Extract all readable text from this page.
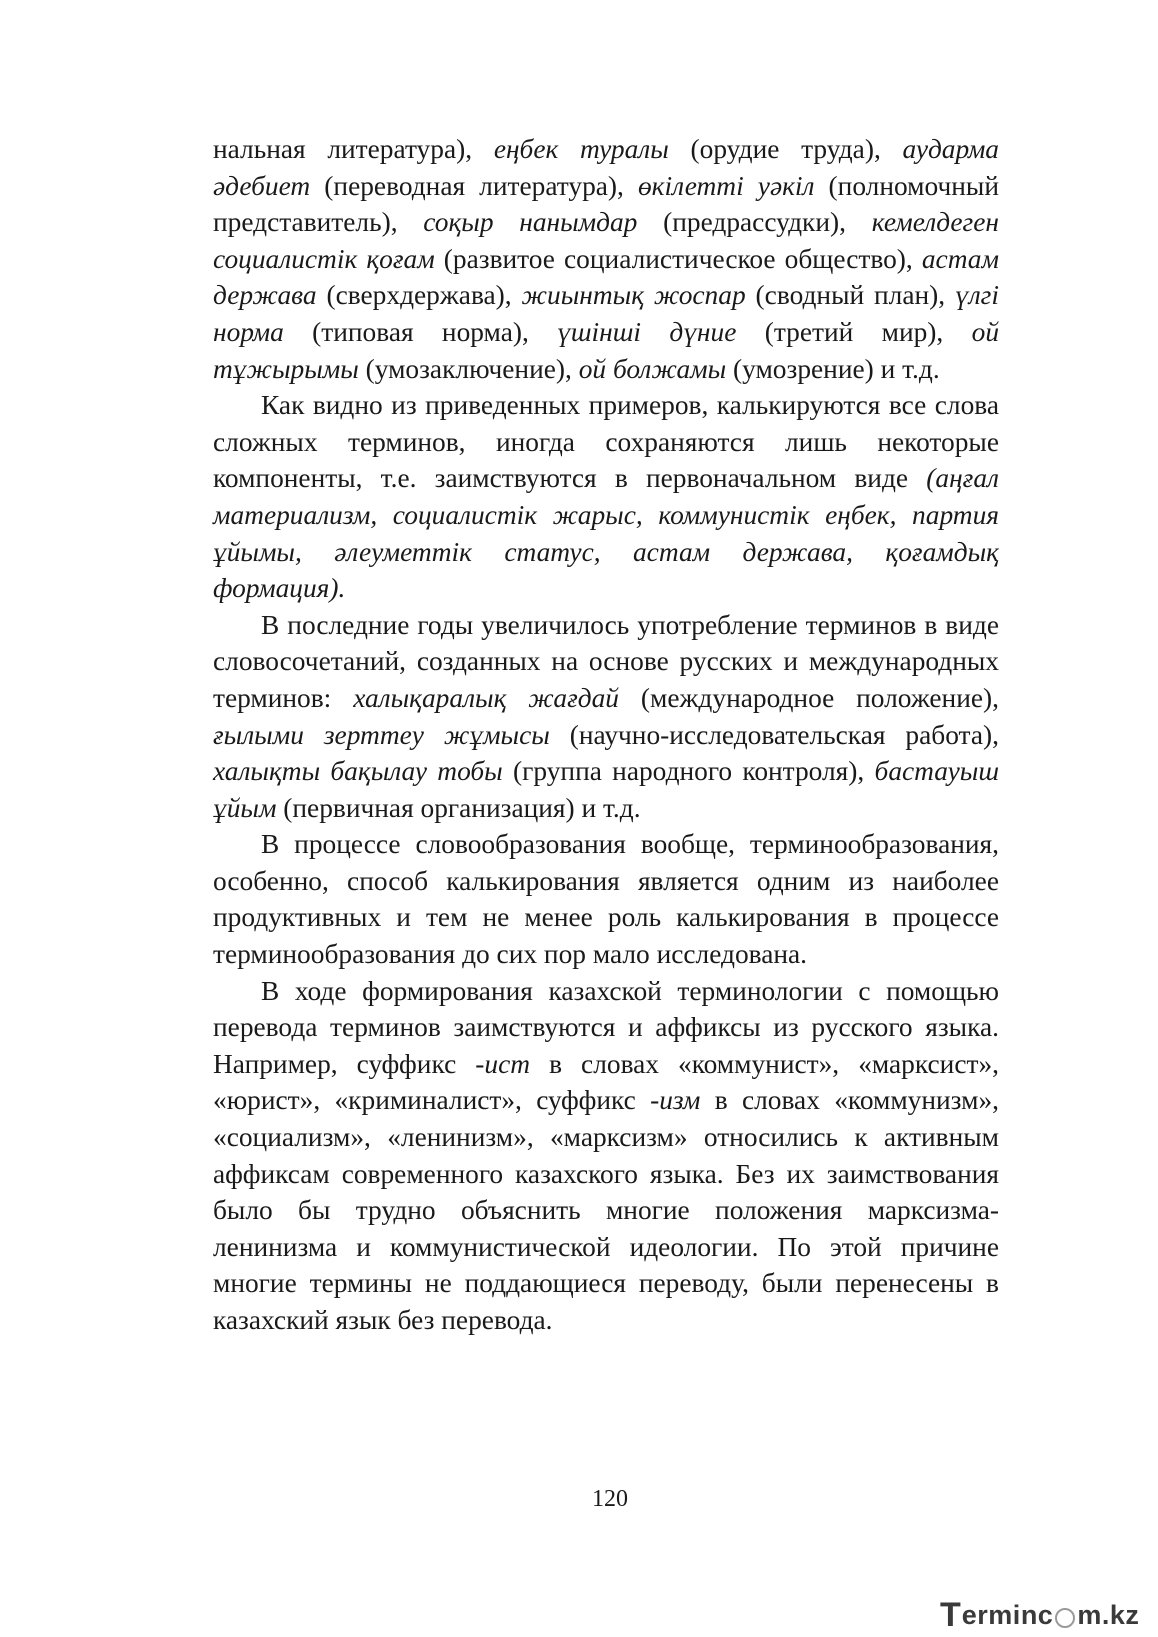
нальная литература), еңбек туралы (орудие труда), аударма әдебиет (переводная литература), өкілетті уәкіл (полномочный представитель), соқыр нанымдар (предрассудки), кемелдеген социалистік қоғам (развитое социалистическое общество), астам держава (сверхдержава), жиынтық жоспар (сводный план), үлгі норма (типовая норма), үшінші дүние (третий мир), ой тұжырымы (умозаключение), ой болжамы (умозрение) и т.д.

Как видно из приведенных примеров, калькируются все слова сложных терминов, иногда сохраняются лишь некоторые компоненты, т.е. заимствуются в первоначальном виде (аңғал материализм, социалистік жарыс, коммунистік еңбек, партия ұйымы, әлеуметтік статус, астам держава, қоғамдық формация).

В последние годы увеличилось употребление терминов в виде словосочетаний, созданных на основе русских и международных терминов: халықаралық жағдай (международное положение), ғылыми зерттеу жұмысы (научно-исследовательская работа), халықты бақылау тобы (группа народного контроля), бастауыш ұйым (первичная организация) и т.д.

В процессе словообразования вообще, терминообразования, особенно, способ калькирования является одним из наиболее продуктивных и тем не менее роль калькирования в процессе терминообразования до сих пор мало исследована.

В ходе формирования казахской терминологии с помощью перевода терминов заимствуются и аффиксы из русского языка. Например, суффикс -ист в словах «коммунист», «марксист», «юрист», «криминалист», суффикс -изм в словах «коммунизм», «социализм», «ленинизм», «марксизм» относились к активным аффиксам современного казахского языка. Без их заимствования было бы трудно объяснить многие положения марксизма-ленинизма и коммунистической идеологии. По этой причине многие термины не поддающиеся переводу, были перенесены в казахский язык без перевода.

120
T erminc m.kz
